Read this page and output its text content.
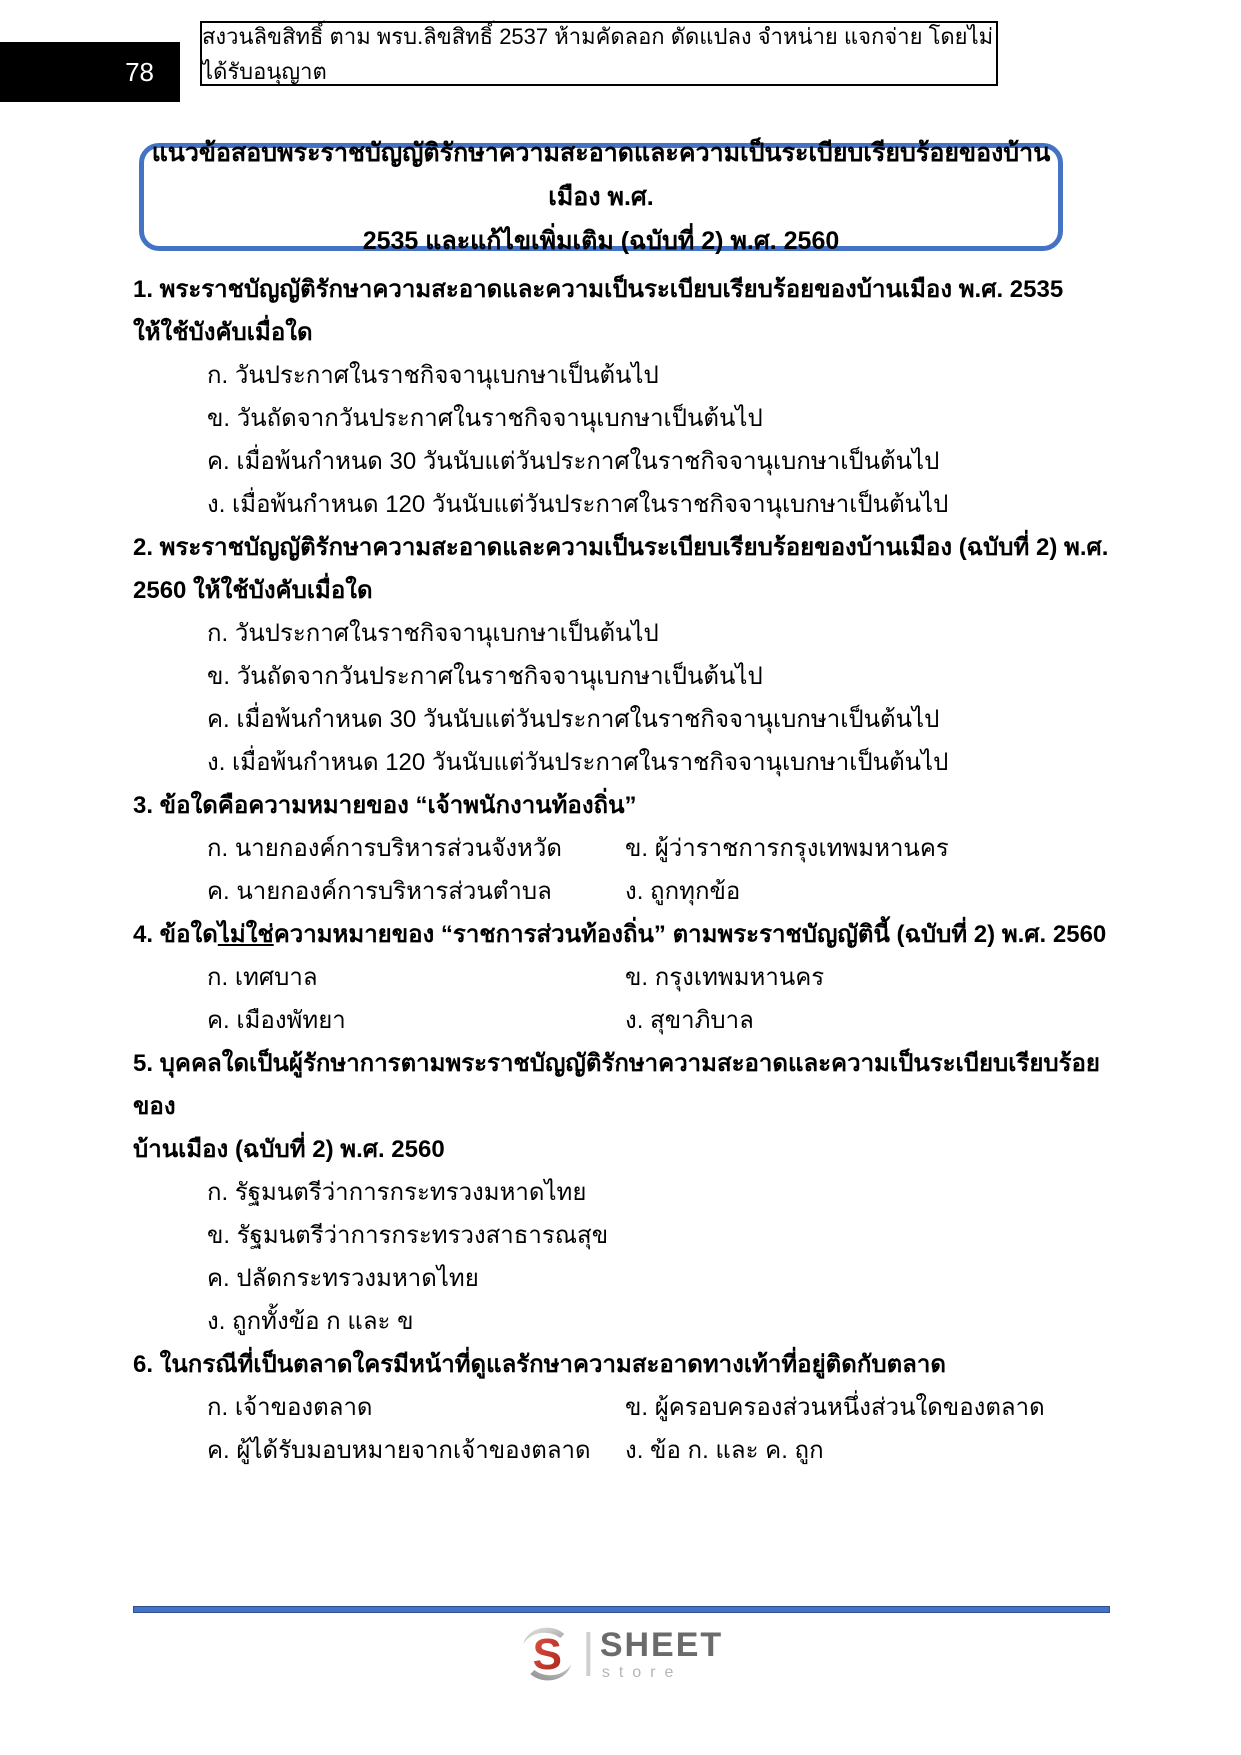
78
สงวนลิขสิทธิ์ ตาม พรบ.ลิขสิทธิ์ 2537 ห้ามคัดลอก ดัดแปลง จำหน่าย แจกจ่าย โดยไม่ได้รับอนุญาต
แนวข้อสอบพระราชบัญญัติรักษาความสะอาดและความเป็นระเบียบเรียบร้อยของบ้านเมือง พ.ศ.
2535 และแก้ไขเพิ่มเติม (ฉบับที่ 2) พ.ศ. 2560
1. พระราชบัญญัติรักษาความสะอาดและความเป็นระเบียบเรียบร้อยของบ้านเมือง พ.ศ. 2535
ให้ใช้บังคับเมื่อใด
ก. วันประกาศในราชกิจจานุเบกษาเป็นต้นไป
ข. วันถัดจากวันประกาศในราชกิจจานุเบกษาเป็นต้นไป
ค. เมื่อพ้นกำหนด 30 วันนับแต่วันประกาศในราชกิจจานุเบกษาเป็นต้นไป
ง. เมื่อพ้นกำหนด 120 วันนับแต่วันประกาศในราชกิจจานุเบกษาเป็นต้นไป
2. พระราชบัญญัติรักษาความสะอาดและความเป็นระเบียบเรียบร้อยของบ้านเมือง (ฉบับที่ 2) พ.ศ.
2560 ให้ใช้บังคับเมื่อใด
ก. วันประกาศในราชกิจจานุเบกษาเป็นต้นไป
ข. วันถัดจากวันประกาศในราชกิจจานุเบกษาเป็นต้นไป
ค. เมื่อพ้นกำหนด 30 วันนับแต่วันประกาศในราชกิจจานุเบกษาเป็นต้นไป
ง. เมื่อพ้นกำหนด 120 วันนับแต่วันประกาศในราชกิจจานุเบกษาเป็นต้นไป
3. ข้อใดคือความหมายของ “เจ้าพนักงานท้องถิ่น”
ก. นายกองค์การบริหารส่วนจังหวัด	ข. ผู้ว่าราชการกรุงเทพมหานคร
ค. นายกองค์การบริหารส่วนตำบล	ง. ถูกทุกข้อ
4. ข้อใดไม่ใช่ความหมายของ “ราชการส่วนท้องถิ่น” ตามพระราชบัญญัตินี้ (ฉบับที่ 2) พ.ศ. 2560
ก. เทศบาล	ข. กรุงเทพมหานคร
ค. เมืองพัทยา	ง. สุขาภิบาล
5. บุคคลใดเป็นผู้รักษาการตามพระราชบัญญัติรักษาความสะอาดและความเป็นระเบียบเรียบร้อยของ
บ้านเมือง (ฉบับที่ 2) พ.ศ. 2560
ก. รัฐมนตรีว่าการกระทรวงมหาดไทย
ข. รัฐมนตรีว่าการกระทรวงสาธารณสุข
ค. ปลัดกระทรวงมหาดไทย
ง. ถูกทั้งข้อ ก และ ข
6. ในกรณีที่เป็นตลาดใครมีหน้าที่ดูแลรักษาความสะอาดทางเท้าที่อยู่ติดกับตลาด
ก. เจ้าของตลาด	ข. ผู้ครอบครองส่วนหนึ่งส่วนใดของตลาด
ค. ผู้ได้รับมอบหมายจากเจ้าของตลาด	ง. ข้อ ก. และ ค. ถูก
S SHEET
store
